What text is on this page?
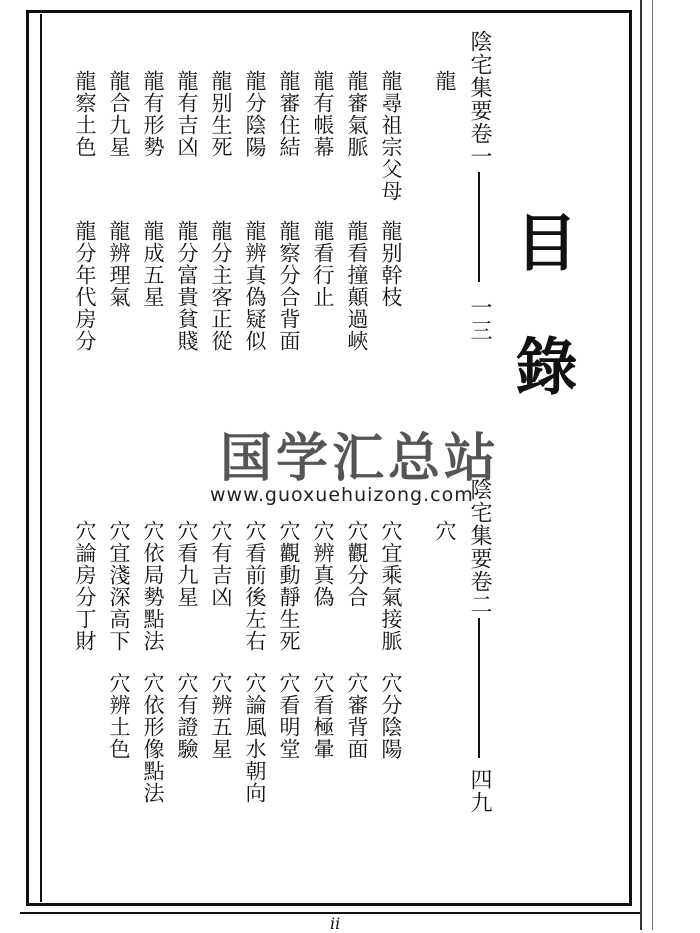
目錄
陰宅集要卷一
一三
龍
龍尋祖宗父母
龍别幹枝
龍審氣脈
龍看撞顛過峽
龍有帳幕
龍看行止
龍審住結
龍察分合背面
龍分陰陽
龍辨真偽疑似
龍别生死
龍分主客正從
龍有吉凶
龍分富貴貧賤
龍有形勢
龍成五星
龍合九星
龍辨理氣
龍察土色
龍分年代房分
国学汇总站
www.guoxuehuizong.com
陰宅集要卷二
四九
穴
穴宜乘氣接脈
穴分陰陽
穴觀分合
穴審背面
穴辨真偽
穴看極暈
穴觀動靜生死
穴看明堂
穴看前後左右
穴論風水朝向
穴有吉凶
穴辨五星
穴看九星
穴有證驗
穴依局勢點法
穴依形像點法
穴宜淺深高下
穴辨土色
穴論房分丁財
ii
